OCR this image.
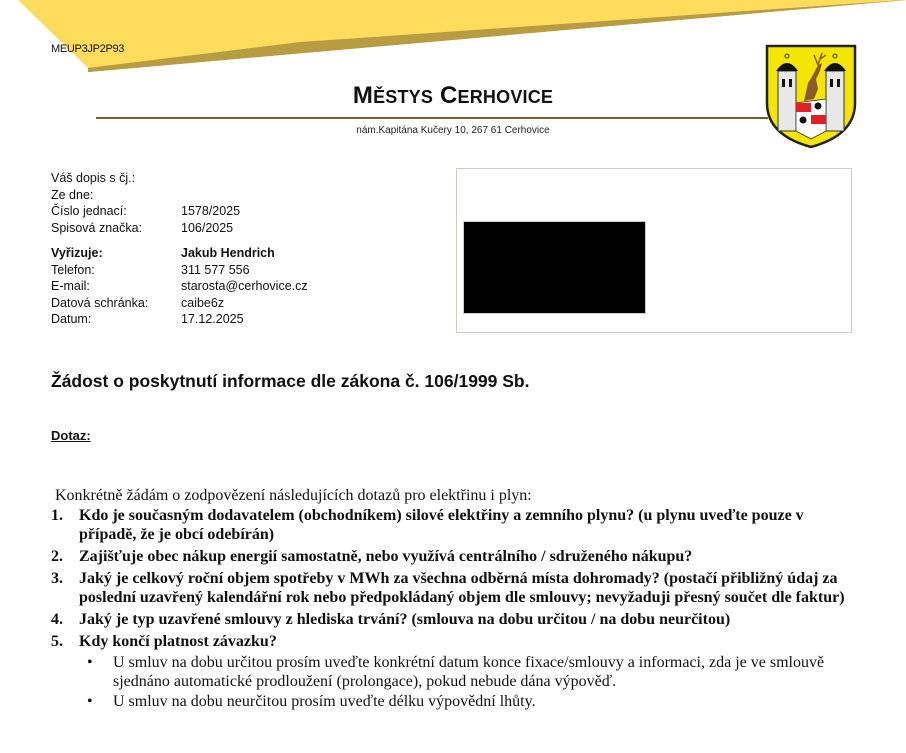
MEUP3JP2P93
MĚSTYS CERHOVICE
nám.Kapitána Kučery 10, 267 61 Cerhovice
Váš dopis s čj.:
Ze dne:
Číslo jednací:	1578/2025
Spisová značka:	106/2025
Vyřizuje:	Jakub Hendrich
Telefon:	311 577 556
E-mail:	starosta@cerhovice.cz
Datová schránka:	caibe6z
Datum:	17.12.2025
Žádost o poskytnutí informace dle zákona č. 106/1999 Sb.
Dotaz:
Konkrétně žádám o zodpovězení následujících dotazů pro elektřinu i plyn:
1.	Kdo je současným dodavatelem (obchodníkem) silové elektřiny a zemního plynu? (u plynu uveďte pouze v případě, že je obcí odebírán)
2.	Zajišťuje obec nákup energií samostatně, nebo využívá centrálního / sdruženého nákupu?
3.	Jaký je celkový roční objem spotřeby v MWh za všechna odběrná místa dohromady? (postačí přibližný údaj za poslední uzavřený kalendářní rok nebo předpokládaný objem dle smlouvy; nevyžaduji přesný součet dle faktur)
4.	Jaký je typ uzavřené smlouvy z hlediska trvání? (smlouva na dobu určitou / na dobu neurčitou)
5.	Kdy končí platnost závazku?
•	U smluv na dobu určitou prosím uveďte konkrétní datum konce fixace/smlouvy a informaci, zda je ve smlouvě sjednáno automatické prodloužení (prolongace), pokud nebude dána výpověď.
•	U smluv na dobu neurčitou prosím uveďte délku výpovědní lhůty.
